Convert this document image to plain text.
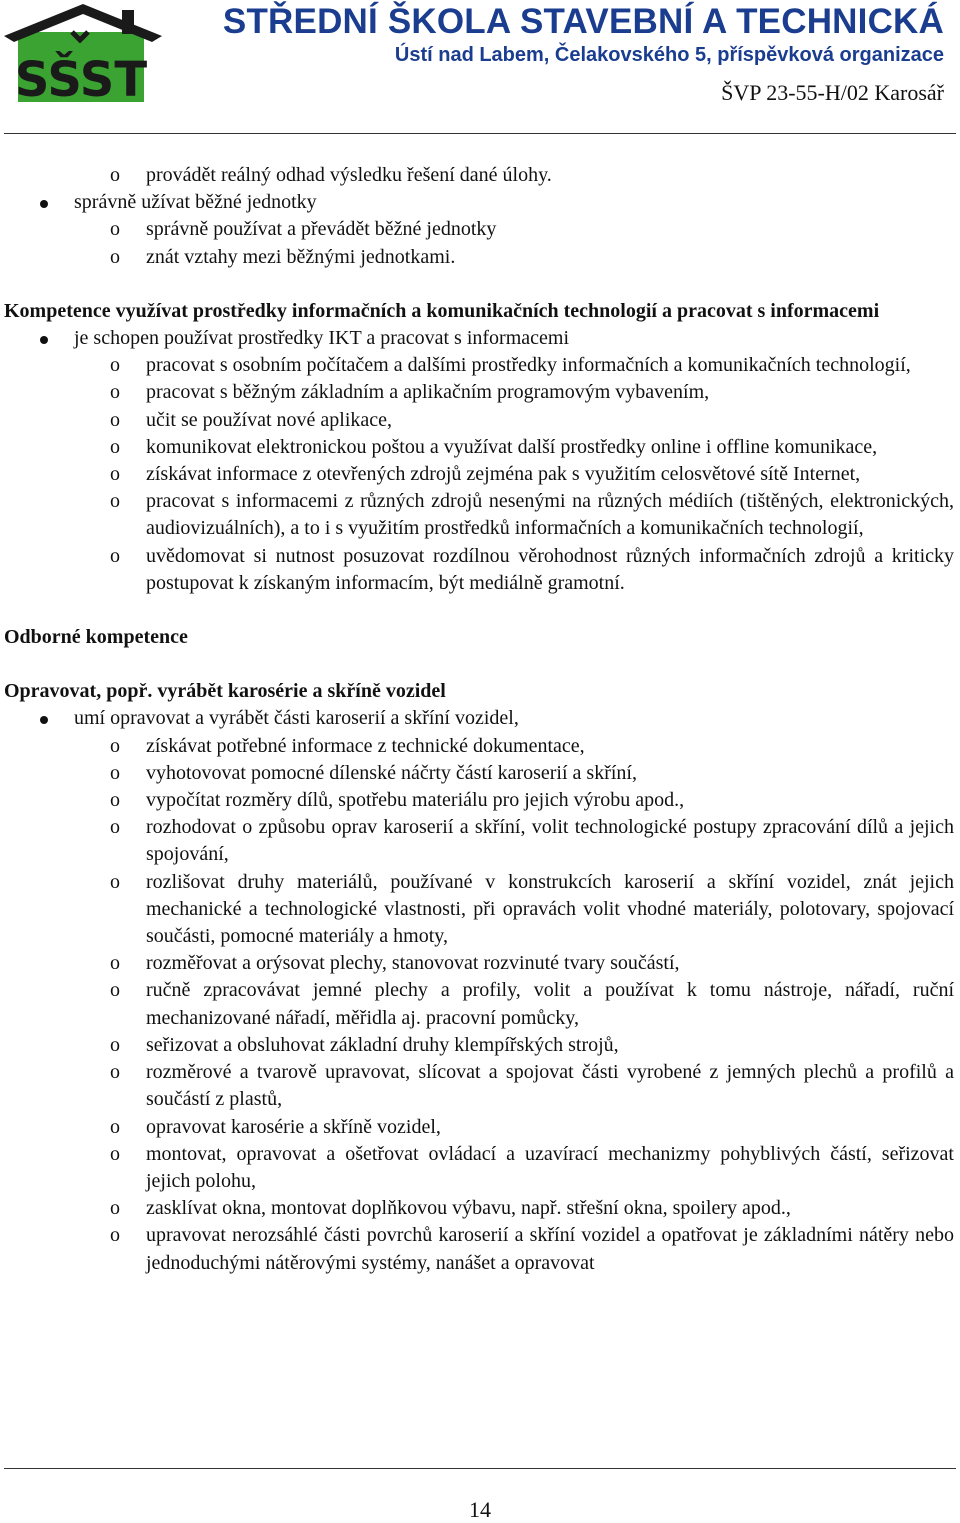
SŠST
STŘEDNÍ ŠKOLA STAVEBNÍ A TECHNICKÁ
Ústí nad Labem, Čelakovského 5, příspěvková organizace
ŠVP 23-55-H/02 Karosář
o provádět reálný odhad výsledku řešení dané úlohy.
správně užívat běžné jednotky
o správně používat a převádět běžné jednotky
o znát vztahy mezi běžnými jednotkami.
Kompetence využívat prostředky informačních a komunikačních technologií a pracovat s informacemi
je schopen používat prostředky IKT a pracovat s informacemi
o pracovat s osobním počítačem a dalšími prostředky informačních a komunikačních technologií,
o pracovat s běžným základním a aplikačním programovým vybavením,
o učit se používat nové aplikace,
o komunikovat elektronickou poštou a využívat další prostředky online i offline komunikace,
o získávat informace z otevřených zdrojů zejména pak s využitím celosvětové sítě Internet,
o pracovat s informacemi z různých zdrojů nesenými na různých médiích (tištěných, elektronických, audiovizuálních), a to i s využitím prostředků informačních a komunikačních technologií,
o uvědomovat si nutnost posuzovat rozdílnou věrohodnost různých informačních zdrojů a kriticky postupovat k získaným informacím, být mediálně gramotní.
Odborné kompetence
Opravovat, popř. vyrábět karosérie a skříně vozidel
umí opravovat a vyrábět části karoserií a skříní vozidel,
o získávat potřebné informace z technické dokumentace,
o vyhotovovat pomocné dílenské náčrty částí karoserií a skříní,
o vypočítat rozměry dílů, spotřebu materiálu pro jejich výrobu apod.,
o rozhodovat o způsobu oprav karoserií a skříní, volit technologické postupy zpracování dílů a jejich spojování,
o rozlišovat druhy materiálů, používané v konstrukcích karoserií a skříní vozidel, znát jejich mechanické a technologické vlastnosti, při opravách volit vhodné materiály, polotovary, spojovací součásti, pomocné materiály a hmoty,
o rozměřovat a orýsovat plechy, stanovovat rozvinuté tvary součástí,
o ručně zpracovávat jemné plechy a profily, volit a používat k tomu nástroje, nářadí, ruční mechanizované nářadí, měřidla aj. pracovní pomůcky,
o seřizovat a obsluhovat základní druhy klempířských strojů,
o rozměrové a tvarově upravovat, slícovat a spojovat části vyrobené z jemných plechů a profilů a součástí z plastů,
o opravovat karosérie a skříně vozidel,
o montovat, opravovat a ošetřovat ovládací a uzavírací mechanizmy pohyblivých částí, seřizovat jejich polohu,
o zasklívat okna, montovat doplňkovou výbavu, např. střešní okna, spoilery apod.,
o upravovat nerozsáhlé části povrchů karoserií a skříní vozidel a opatřovat je základními nátěry nebo jednoduchými nátěrovými systémy, nanášet a opravovat
14
